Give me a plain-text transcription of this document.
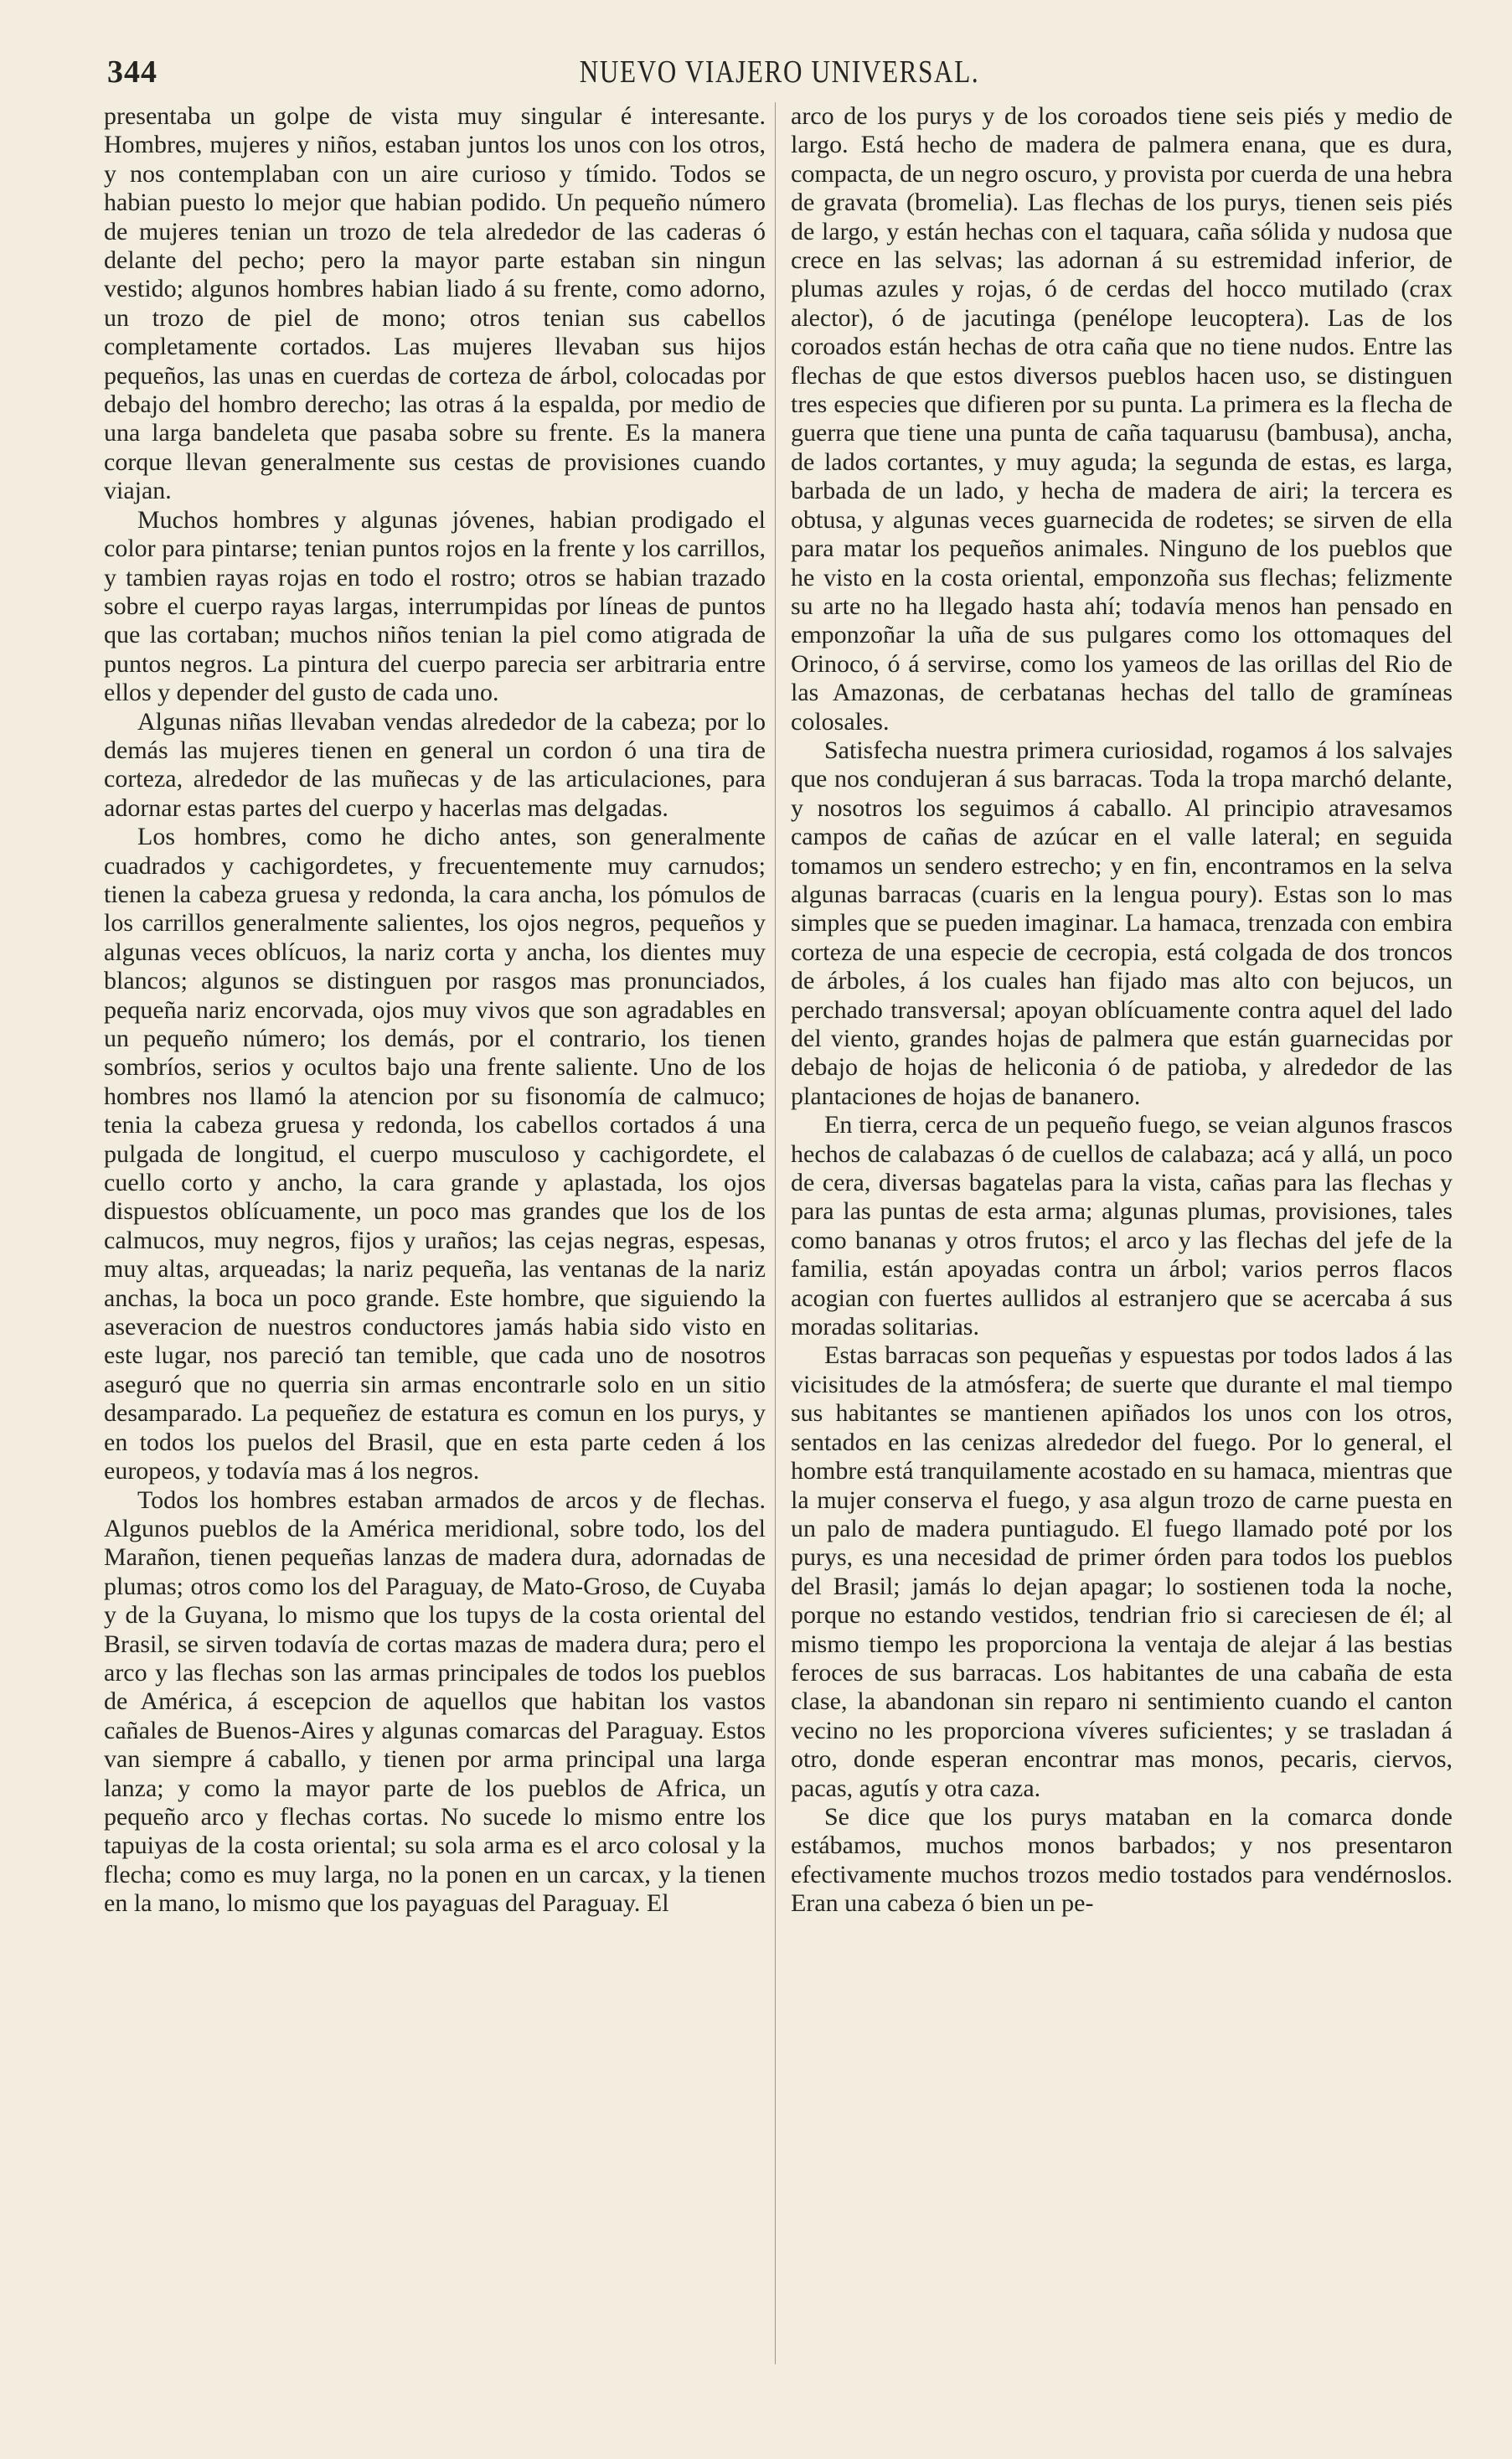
344	NUEVO VIAJERO UNIVERSAL.

presentaba un golpe de vista muy singular é interesante. Hombres, mujeres y niños, estaban juntos los unos con los otros, y nos contemplaban con un aire curioso y tímido. Todos se habian puesto lo mejor que habian podido. Un pequeño número de mujeres tenian un trozo de tela alrededor de las caderas ó delante del pecho; pero la mayor parte estaban sin ningun vestido; algunos hombres habian liado á su frente, como adorno, un trozo de piel de mono; otros tenian sus cabellos completamente cortados. Las mujeres llevaban sus hijos pequeños, las unas en cuerdas de corteza de árbol, colocadas por debajo del hombro derecho; las otras á la espalda, por medio de una larga bandeleta que pasaba sobre su frente. Es la manera corque llevan generalmente sus cestas de provisiones cuando viajan.

Muchos hombres y algunas jóvenes, habian prodigado el color para pintarse; tenian puntos rojos en la frente y los carrillos, y tambien rayas rojas en todo el rostro; otros se habian trazado sobre el cuerpo rayas largas, interrumpidas por líneas de puntos que las cortaban; muchos niños tenian la piel como atigrada de puntos negros. La pintura del cuerpo parecia ser arbitraria entre ellos y depender del gusto de cada uno.

Algunas niñas llevaban vendas alrededor de la cabeza; por lo demás las mujeres tienen en general un cordon ó una tira de corteza, alrededor de las muñecas y de las articulaciones, para adornar estas partes del cuerpo y hacerlas mas delgadas.

Los hombres, como he dicho antes, son generalmente cuadrados y cachigordetes, y frecuentemente muy carnudos; tienen la cabeza gruesa y redonda, la cara ancha, los pómulos de los carrillos generalmente salientes, los ojos negros, pequeños y algunas veces oblícuos, la nariz corta y ancha, los dientes muy blancos; algunos se distinguen por rasgos mas pronunciados, pequeña nariz encorvada, ojos muy vivos que son agradables en un pequeño número; los demás, por el contrario, los tienen sombríos, serios y ocultos bajo una frente saliente. Uno de los hombres nos llamó la atencion por su fisonomía de calmuco; tenia la cabeza gruesa y redonda, los cabellos cortados á una pulgada de longitud, el cuerpo musculoso y cachigordete, el cuello corto y ancho, la cara grande y aplastada, los ojos dispuestos oblícuamente, un poco mas grandes que los de los calmucos, muy negros, fijos y uraños; las cejas negras, espesas, muy altas, arqueadas; la nariz pequeña, las ventanas de la nariz anchas, la boca un poco grande. Este hombre, que siguiendo la aseveracion de nuestros conductores jamás habia sido visto en este lugar, nos pareció tan temible, que cada uno de nosotros aseguró que no querria sin armas encontrarle solo en un sitio desamparado. La pequeñez de estatura es comun en los purys, y en todos los puelos del Brasil, que en esta parte ceden á los europeos, y todavía mas á los negros.

Todos los hombres estaban armados de arcos y de flechas. Algunos pueblos de la América meridional, sobre todo, los del Marañon, tienen pequeñas lanzas de madera dura, adornadas de plumas; otros como los del Paraguay, de Mato-Groso, de Cuyaba y de la Guyana, lo mismo que los tupys de la costa oriental del Brasil, se sirven todavía de cortas mazas de madera dura; pero el arco y las flechas son las armas principales de todos los pueblos de América, á escepcion de aquellos que habitan los vastos cañales de Buenos-Aires y algunas comarcas del Paraguay. Estos van siempre á caballo, y tienen por arma principal una larga lanza; y como la mayor parte de los pueblos de Africa, un pequeño arco y flechas cortas. No sucede lo mismo entre los tapuiyas de la costa oriental; su sola arma es el arco colosal y la flecha; como es muy larga, no la ponen en un carcax, y la tienen en la mano, lo mismo que los payaguas del Paraguay. El

arco de los purys y de los coroados tiene seis piés y medio de largo. Está hecho de madera de palmera enana, que es dura, compacta, de un negro oscuro, y provista por cuerda de una hebra de gravata (bromelia). Las flechas de los purys, tienen seis piés de largo, y están hechas con el taquara, caña sólida y nudosa que crece en las selvas; las adornan á su estremidad inferior, de plumas azules y rojas, ó de cerdas del hocco mutilado (crax alector), ó de jacutinga (penélope leucoptera). Las de los coroados están hechas de otra caña que no tiene nudos. Entre las flechas de que estos diversos pueblos hacen uso, se distinguen tres especies que difieren por su punta. La primera es la flecha de guerra que tiene una punta de caña taquarusu (bambusa), ancha, de lados cortantes, y muy aguda; la segunda de estas, es larga, barbada de un lado, y hecha de madera de airi; la tercera es obtusa, y algunas veces guarnecida de rodetes; se sirven de ella para matar los pequeños animales. Ninguno de los pueblos que he visto en la costa oriental, emponzoña sus flechas; felizmente su arte no ha llegado hasta ahí; todavía menos han pensado en emponzoñar la uña de sus pulgares como los ottomaques del Orinoco, ó á servirse, como los yameos de las orillas del Rio de las Amazonas, de cerbatanas hechas del tallo de gramíneas colosales.

Satisfecha nuestra primera curiosidad, rogamos á los salvajes que nos condujeran á sus barracas. Toda la tropa marchó delante, y nosotros los seguimos á caballo. Al principio atravesamos campos de cañas de azúcar en el valle lateral; en seguida tomamos un sendero estrecho; y en fin, encontramos en la selva algunas barracas (cuaris en la lengua poury). Estas son lo mas simples que se pueden imaginar. La hamaca, trenzada con embira corteza de una especie de cecropia, está colgada de dos troncos de árboles, á los cuales han fijado mas alto con bejucos, un perchado transversal; apoyan oblícuamente contra aquel del lado del viento, grandes hojas de palmera que están guarnecidas por debajo de hojas de heliconia ó de patioba, y alrededor de las plantaciones de hojas de bananero.

En tierra, cerca de un pequeño fuego, se veian algunos frascos hechos de calabazas ó de cuellos de calabaza; acá y allá, un poco de cera, diversas bagatelas para la vista, cañas para las flechas y para las puntas de esta arma; algunas plumas, provisiones, tales como bananas y otros frutos; el arco y las flechas del jefe de la familia, están apoyadas contra un árbol; varios perros flacos acogian con fuertes aullidos al estranjero que se acercaba á sus moradas solitarias.

Estas barracas son pequeñas y espuestas por todos lados á las vicisitudes de la atmósfera; de suerte que durante el mal tiempo sus habitantes se mantienen apiñados los unos con los otros, sentados en las cenizas alrededor del fuego. Por lo general, el hombre está tranquilamente acostado en su hamaca, mientras que la mujer conserva el fuego, y asa algun trozo de carne puesta en un palo de madera puntiagudo. El fuego llamado poté por los purys, es una necesidad de primer órden para todos los pueblos del Brasil; jamás lo dejan apagar; lo sostienen toda la noche, porque no estando vestidos, tendrian frio si careciesen de él; al mismo tiempo les proporciona la ventaja de alejar á las bestias feroces de sus barracas. Los habitantes de una cabaña de esta clase, la abandonan sin reparo ni sentimiento cuando el canton vecino no les proporciona víveres suficientes; y se trasladan á otro, donde esperan encontrar mas monos, pecaris, ciervos, pacas, agutís y otra caza.

Se dice que los purys mataban en la comarca donde estábamos, muchos monos barbados; y nos presentaron efectivamente muchos trozos medio tostados para vendérnoslos. Eran una cabeza ó bien un pe-
